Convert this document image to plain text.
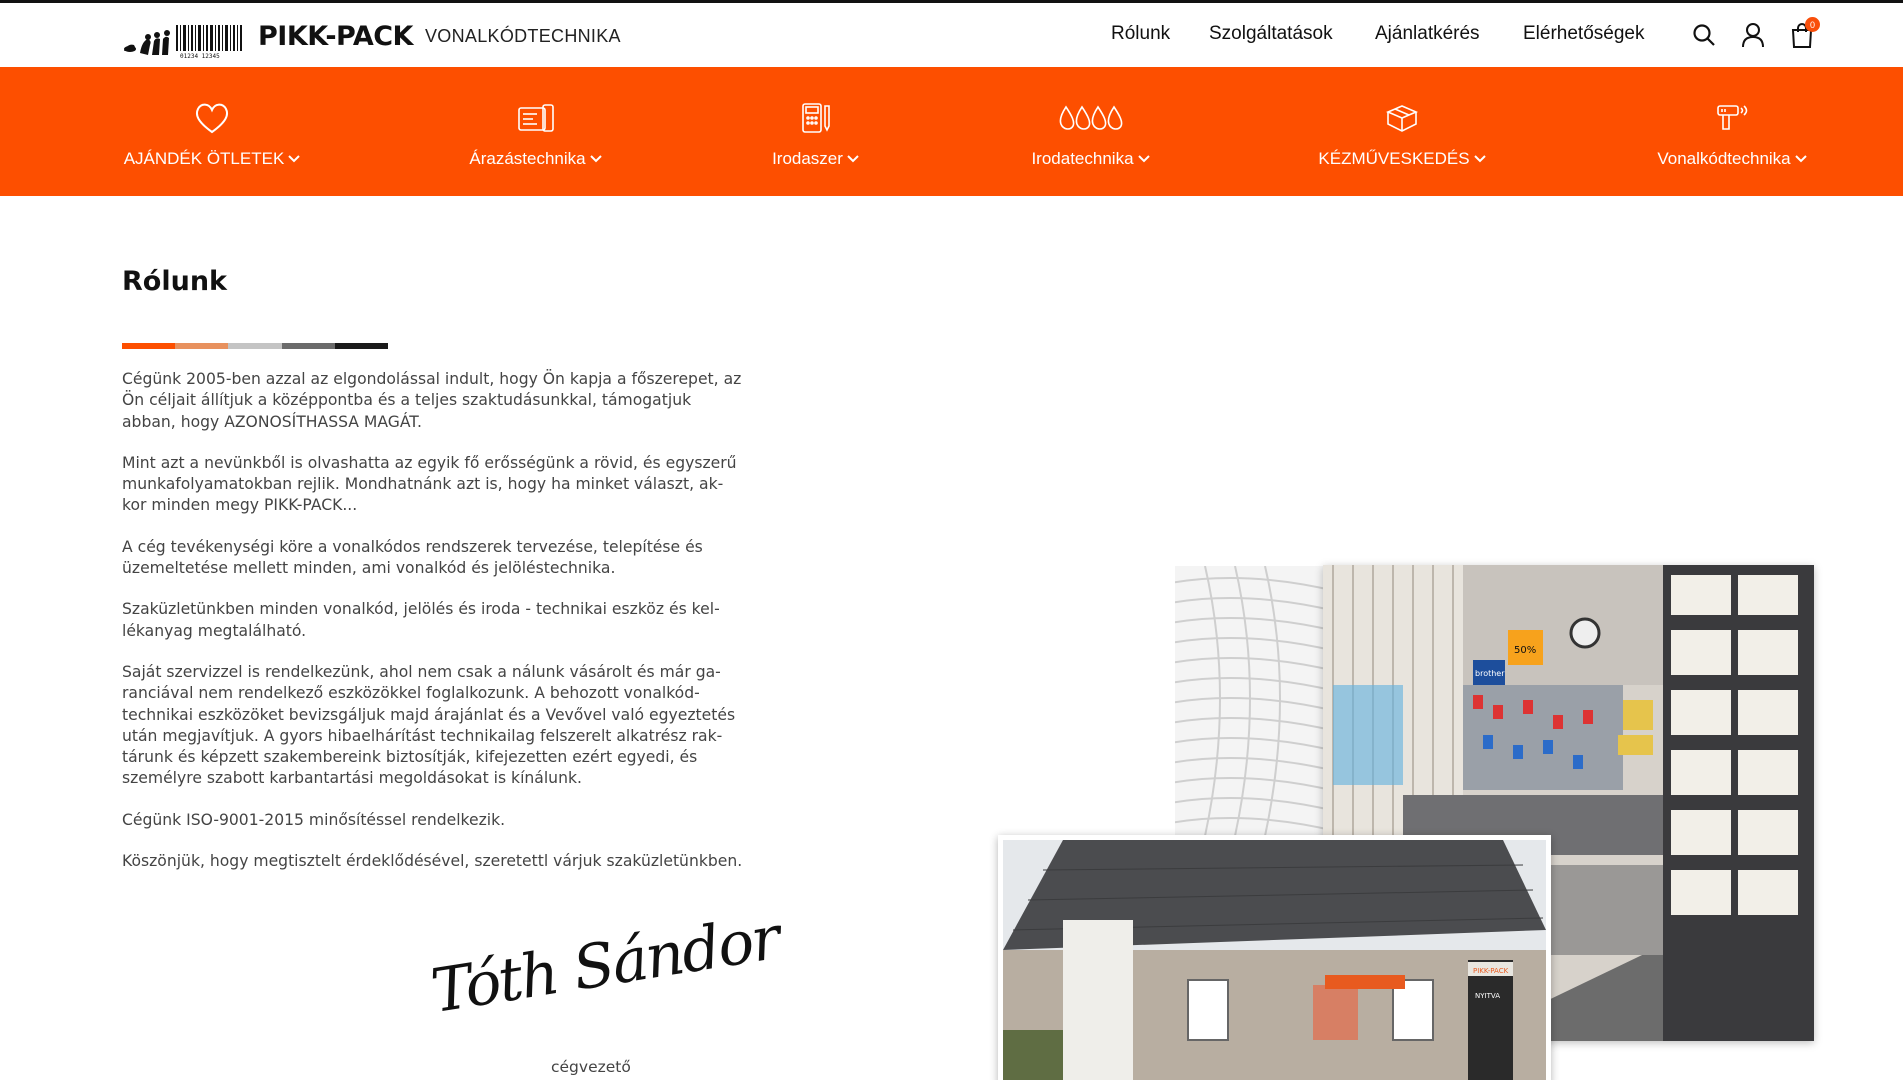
01234 12345
PIKK-PACK VONALKÓDTECHNIKA	Rólunk Szolgáltatások Ajánlatkérés Elérhetőségek	0
AJÁNDÉK ÖTLETEK	Árazástechnika	Irodaszer	Irodatechnika	KÉZMŰVESKEDÉS	Vonalkódtechnika
Rólunk

Cégünk 2005-ben azzal az elgondolással indult, hogy Ön kapja a főszerepet, az Ön céljait állítjuk a középpontba és a teljes szaktudásunkkal, támogatjuk abban, hogy AZONOSÍTHASSA MAGÁT.

Mint azt a nevünkből is olvashatta az egyik fő erősségünk a rövid, és egyszerű munkafolyamatokban rejlik. Mondhatnánk azt is, hogy ha minket választ, ak-kor minden megy PIKK-PACK...

A cég tevékenységi köre a vonalkódos rendszerek tervezése, telepítése és üzemeltetése mellett minden, ami vonalkód és jelöléstechnika.

Szaküzletünkben minden vonalkód, jelölés és iroda - technikai eszköz és kel-lékanyag megtalálható.

Saját szervizzel is rendelkezünk, ahol nem csak a nálunk vásárolt és már ga-ranciával nem rendelkező eszközökkel foglalkozunk. A behozott vonalkód-technikai eszközöket bevizsgáljuk majd árajánlat és a Vevővel való egyeztetés után megjavítjuk. A gyors hibaelhárítást technikailag felszerelt alkatrész rak-tárunk és képzett szakembereink biztosítják, kifejezetten ezért egyedi, és személyre szabott karbantartási megoldásokat is kínálunk.

Cégünk ISO-9001-2015 minősítéssel rendelkezik.

Köszönjük, hogy megtisztelt érdeklődésével, szeretettl várjuk szaküzletünkben.

Tóth Sándor
cégvezető
50%
brother
PIKK-PACK
NYITVA
